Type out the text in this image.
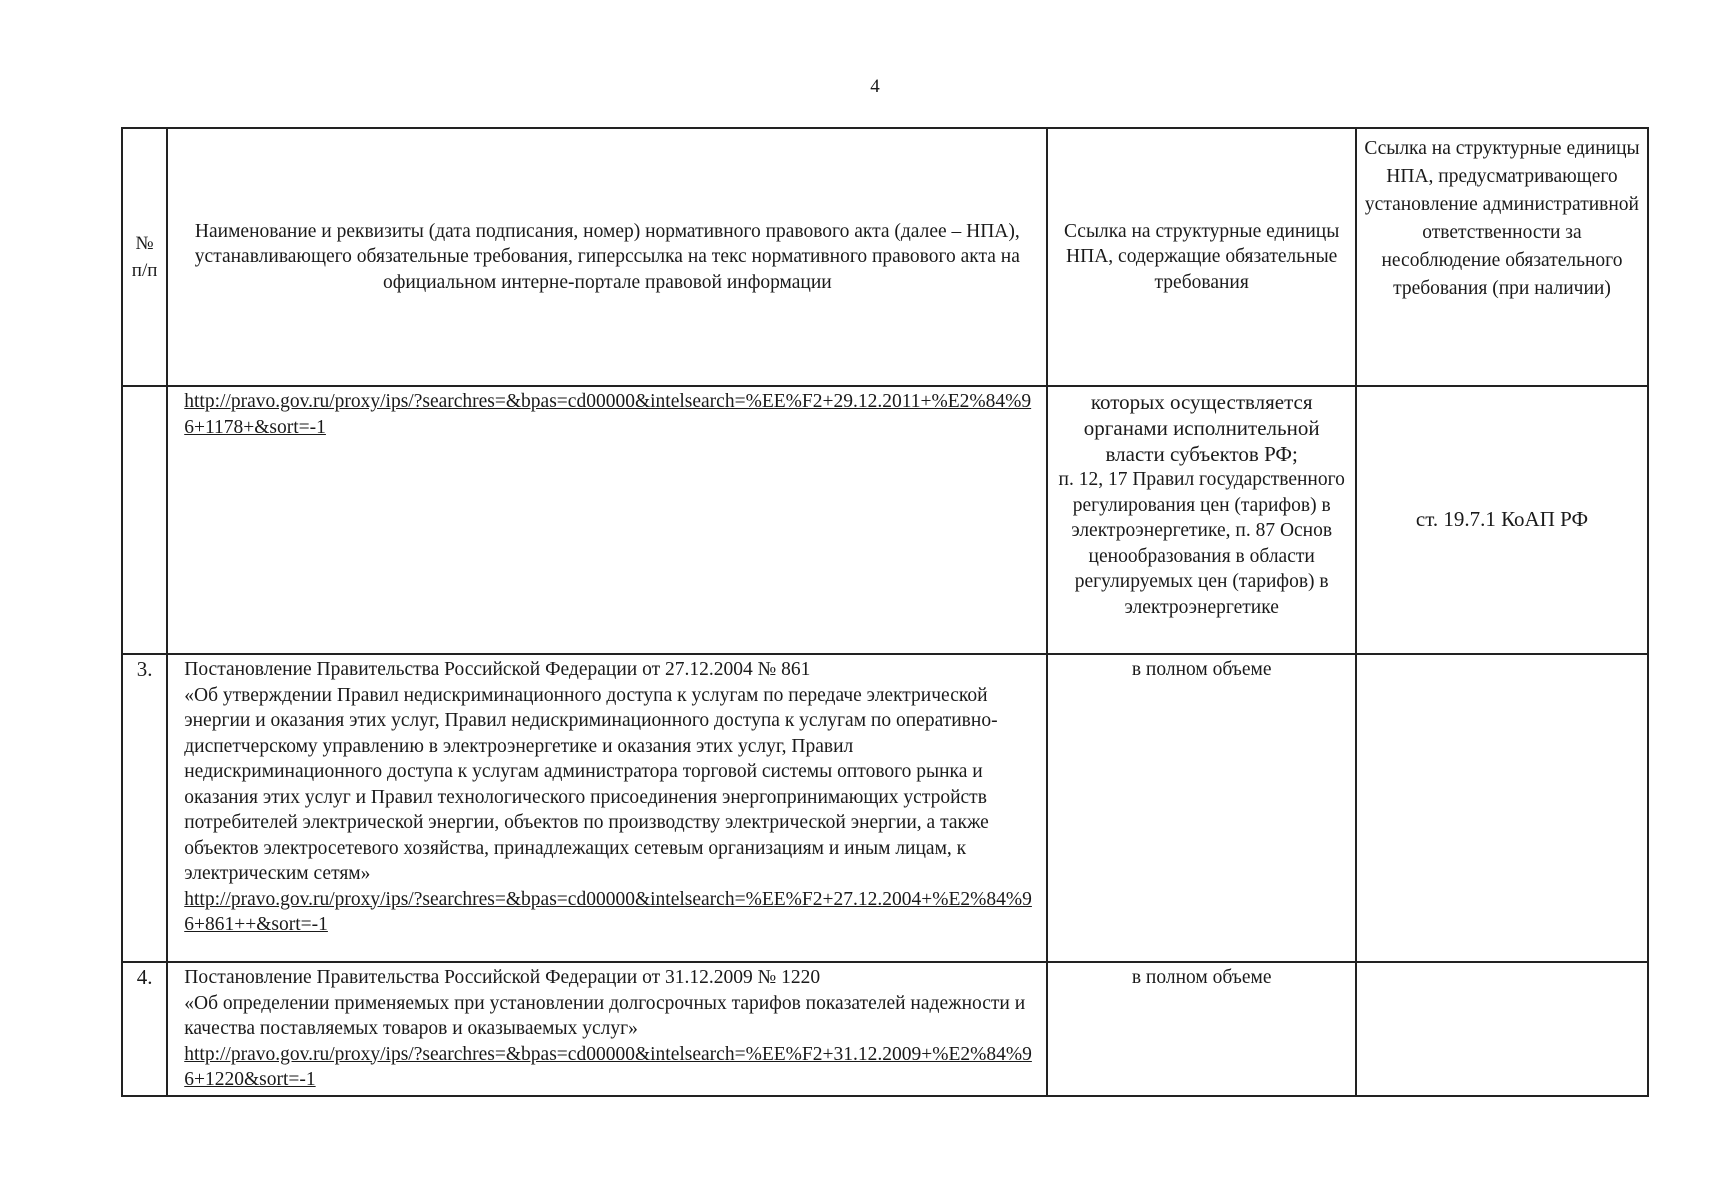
4
№ п/п	Наименование и реквизиты (дата подписания, номер) нормативного правового акта (далее – НПА), устанавливающего обязательные требования, гиперссылка на текс нормативного правового акта на официальном интерне-портале правовой информации	Ссылка на структурные единицы НПА, содержащие обязательные требования	Ссылка на структурные единицы НПА, предусматривающего установление административной ответственности за несоблюдение обязательного требования (при наличии)

	http://pravo.gov.ru/proxy/ips/?searchres=&bpas=cd00000&intelsearch=%EE%F2+29.12.2011+%E2%84%96+1178+&sort=-1	которых осуществляется органами исполнительной власти субъектов РФ;
п. 12, 17 Правил государственного регулирования цен (тарифов) в электроэнергетике, п. 87 Основ ценообразования в области регулируемых цен (тарифов) в электроэнергетике	ст. 19.7.1 КоАП РФ
3.	Постановление Правительства Российской Федерации от 27.12.2004 № 861
«Об утверждении Правил недискриминационного доступа к услугам по передаче электрической энергии и оказания этих услуг, Правил недискриминационного доступа к услугам по оперативно-диспетчерскому управлению в электроэнергетике и оказания этих услуг, Правил недискриминационного доступа к услугам администратора торговой системы оптового рынка и оказания этих услуг и Правил технологического присоединения энергопринимающих устройств потребителей электрической энергии, объектов по производству электрической энергии, а также объектов электросетевого хозяйства, принадлежащих сетевым организациям и иным лицам, к электрическим сетям»
http://pravo.gov.ru/proxy/ips/?searchres=&bpas=cd00000&intelsearch=%EE%F2+27.12.2004+%E2%84%96+861++&sort=-1	в полном объеме	

4.	Постановление Правительства Российской Федерации от 31.12.2009 № 1220
«Об определении применяемых при установлении долгосрочных тарифов показателей надежности и качества поставляемых товаров и оказываемых услуг»
http://pravo.gov.ru/proxy/ips/?searchres=&bpas=cd00000&intelsearch=%EE%F2+31.12.2009+%E2%84%96+1220&sort=-1	в полном объеме	
